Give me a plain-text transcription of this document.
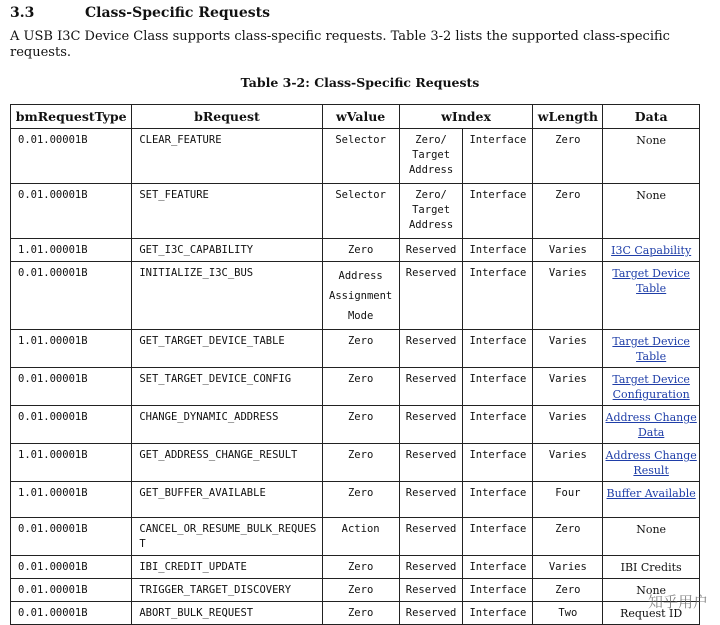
3.3	Class-Specific Requests
A USB I3C Device Class supports class-specific requests. Table 3-2 lists the supported class-specific requests.
Table 3-2: Class-Specific Requests
bmRequestType	bRequest	wValue	wIndex		wLength	Data
0.01.00001B	CLEAR_FEATURE	Selector	Zero/ Target Address	Interface	Zero	None
0.01.00001B	SET_FEATURE	Selector	Zero/ Target Address	Interface	Zero	None
1.01.00001B	GET_I3C_CAPABILITY	Zero	Reserved	Interface	Varies	I3C Capability
0.01.00001B	INITIALIZE_I3C_BUS	Address Assignment Mode	Reserved	Interface	Varies	Target Device Table
1.01.00001B	GET_TARGET_DEVICE_TABLE	Zero	Reserved	Interface	Varies	Target Device Table
0.01.00001B	SET_TARGET_DEVICE_CONFIG	Zero	Reserved	Interface	Varies	Target Device Configuration
0.01.00001B	CHANGE_DYNAMIC_ADDRESS	Zero	Reserved	Interface	Varies	Address Change Data
1.01.00001B	GET_ADDRESS_CHANGE_RESULT	Zero	Reserved	Interface	Varies	Address Change Result
1.01.00001B	GET_BUFFER_AVAILABLE	Zero	Reserved	Interface	Four	Buffer Available
0.01.00001B	CANCEL_OR_RESUME_BULK_REQUEST	Action	Reserved	Interface	Zero	None
0.01.00001B	IBI_CREDIT_UPDATE	Zero	Reserved	Interface	Varies	IBI Credits
0.01.00001B	TRIGGER_TARGET_DISCOVERY	Zero	Reserved	Interface	Zero	None
0.01.00001B	ABORT_BULK_REQUEST	Zero	Reserved	Interface	Two	Request ID
知乎用户
